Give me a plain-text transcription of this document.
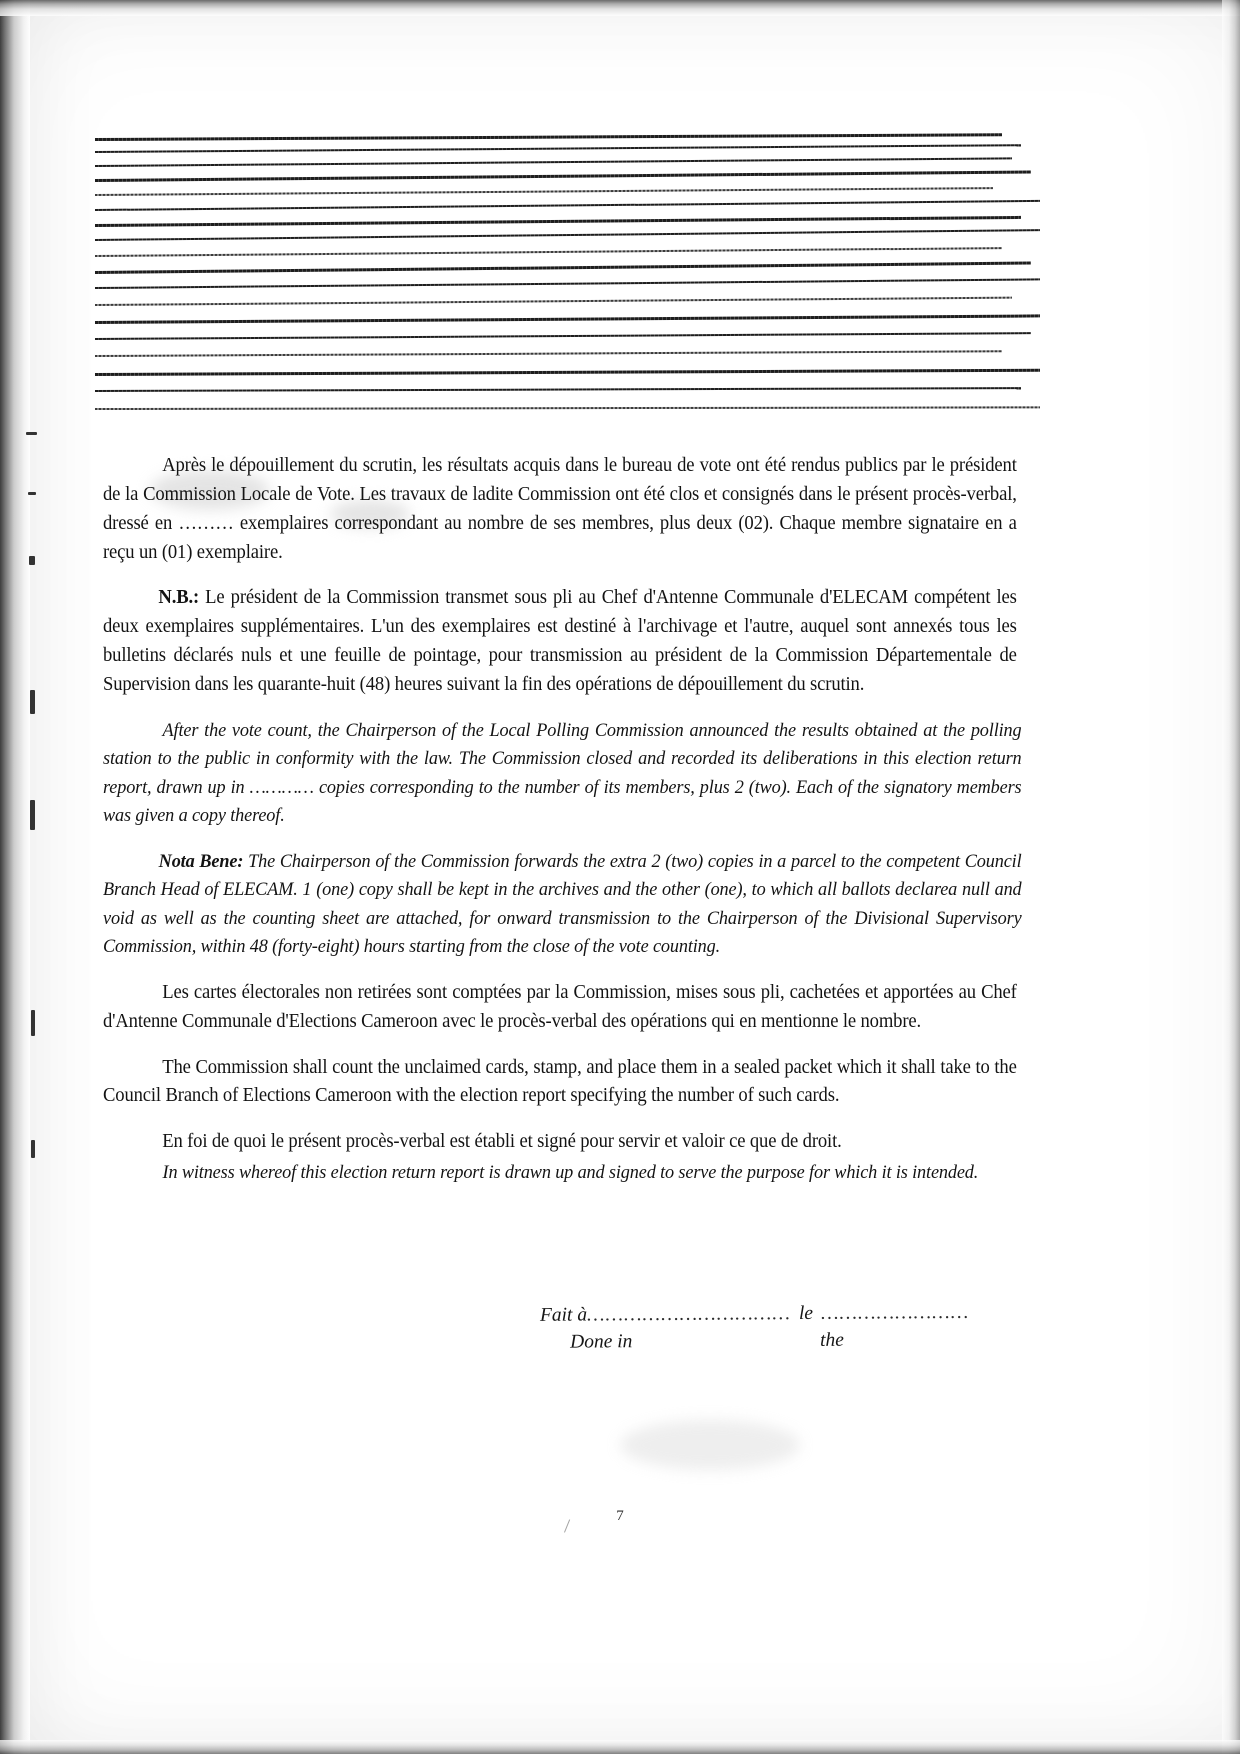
Après le dépouillement du scrutin, les résultats acquis dans le bureau de vote ont été rendus publics par le président de la Commission Locale de Vote. Les travaux de ladite Commission ont été clos et consignés dans le présent procès-verbal, dressé en ……… exemplaires correspondant au nombre de ses membres, plus deux (02). Chaque membre signataire en a reçu un (01) exemplaire.

N.B.: Le président de la Commission transmet sous pli au Chef d'Antenne Communale d'ELECAM compétent les deux exemplaires supplémentaires. L'un des exemplaires est destiné à l'archivage et l'autre, auquel sont annexés tous les bulletins déclarés nuls et une feuille de pointage, pour transmission au président de la Commission Départementale de Supervision dans les quarante-huit (48) heures suivant la fin des opérations de dépouillement du scrutin.

After the vote count, the Chairperson of the Local Polling Commission announced the results obtained at the polling station to the public in conformity with the law. The Commission closed and recorded its deliberations in this election return report, drawn up in ………… copies corresponding to the number of its members, plus 2 (two). Each of the signatory members was given a copy thereof.

Nota Bene: The Chairperson of the Commission forwards the extra 2 (two) copies in a parcel to the competent Council Branch Head of ELECAM. 1 (one) copy shall be kept in the archives and the other (one), to which all ballots declarea null and void as well as the counting sheet are attached, for onward transmission to the Chairperson of the Divisional Supervisory Commission, within 48 (forty-eight) hours starting from the close of the vote counting.

Les cartes électorales non retirées sont comptées par la Commission, mises sous pli, cachetées et apportées au Chef d'Antenne Communale d'Elections Cameroon avec le procès-verbal des opérations qui en mentionne le nombre.

The Commission shall count the unclaimed cards, stamp, and place them in a sealed packet which it shall take to the Council Branch of Elections Cameroon with the election report specifying the number of such cards.

En foi de quoi le présent procès-verbal est établi et signé pour servir et valoir ce que de droit.

In witness whereof this election return report is drawn up and signed to serve the purpose for which it is intended.

Fait à …………………………… le ……………………
Done in	the
7
